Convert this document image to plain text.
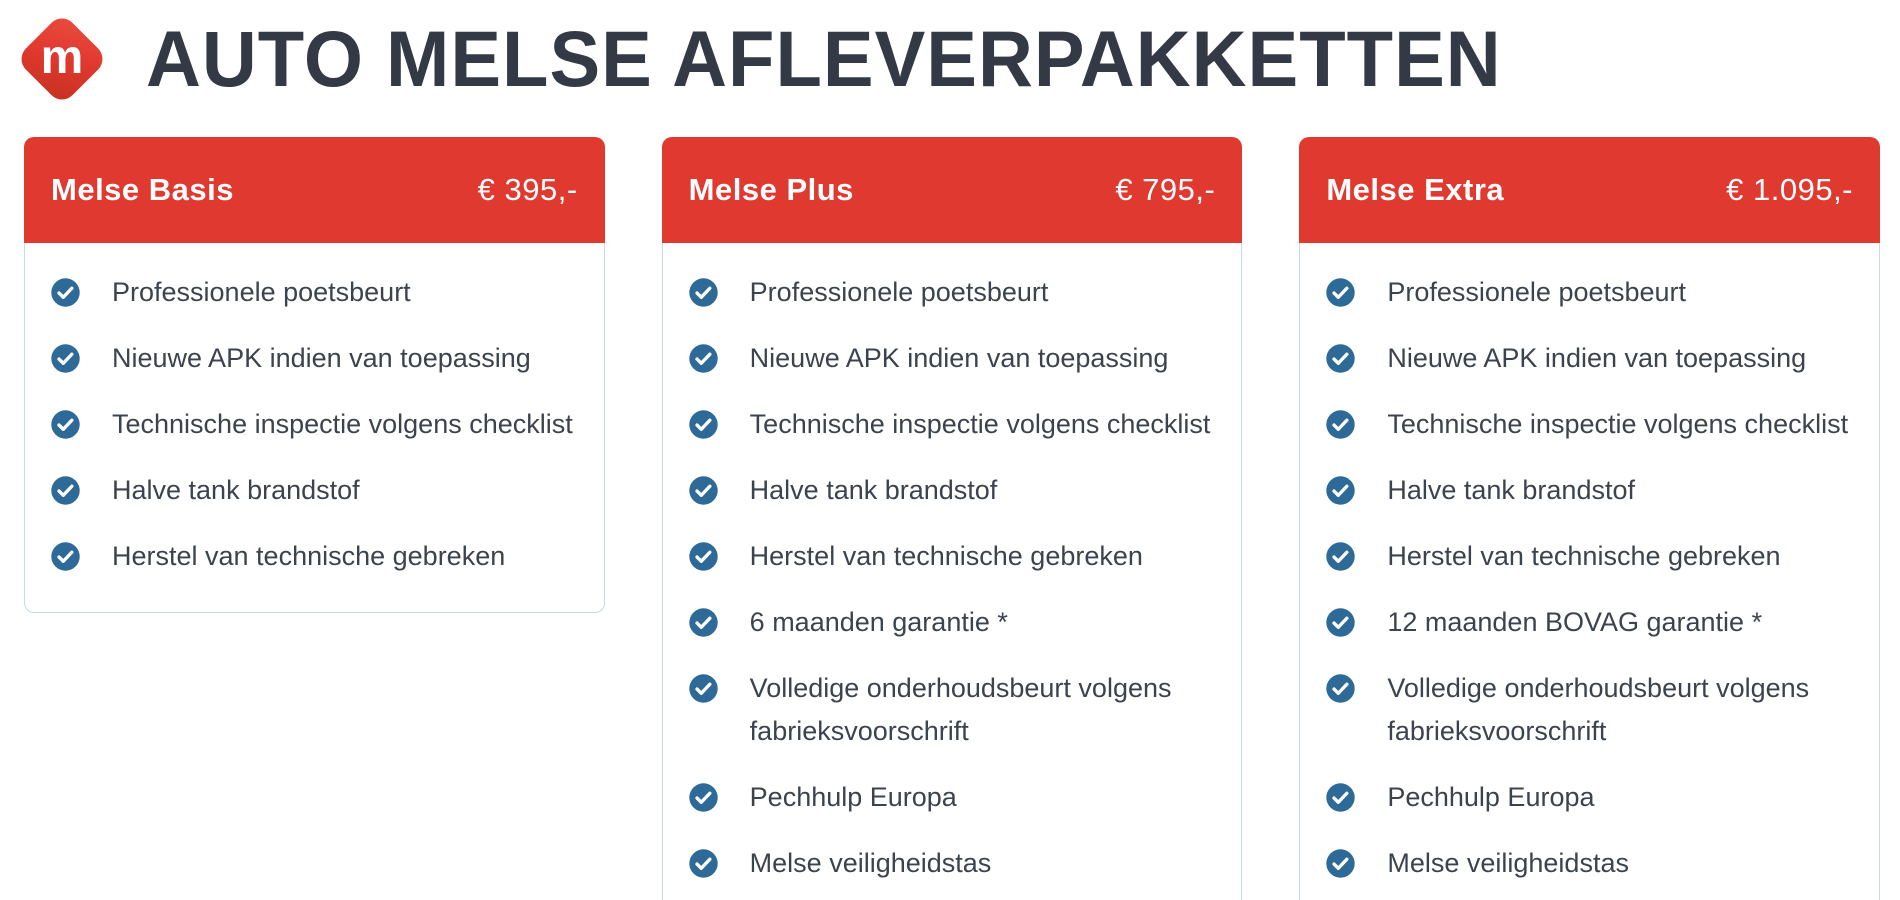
m AUTO MELSE AFLEVERPAKKETTEN
Melse Basis	€ 395,-
Professionele poetsbeurt
Nieuwe APK indien van toepassing
Technische inspectie volgens checklist
Halve tank brandstof
Herstel van technische gebreken
Melse Plus	€ 795,-
Professionele poetsbeurt
Nieuwe APK indien van toepassing
Technische inspectie volgens checklist
Halve tank brandstof
Herstel van technische gebreken
6 maanden garantie *
Volledige onderhoudsbeurt volgens fabrieksvoorschrift
Pechhulp Europa
Melse veiligheidstas
Melse Extra	€ 1.095,-
Professionele poetsbeurt
Nieuwe APK indien van toepassing
Technische inspectie volgens checklist
Halve tank brandstof
Herstel van technische gebreken
12 maanden BOVAG garantie *
Volledige onderhoudsbeurt volgens fabrieksvoorschrift
Pechhulp Europa
Melse veiligheidstas
